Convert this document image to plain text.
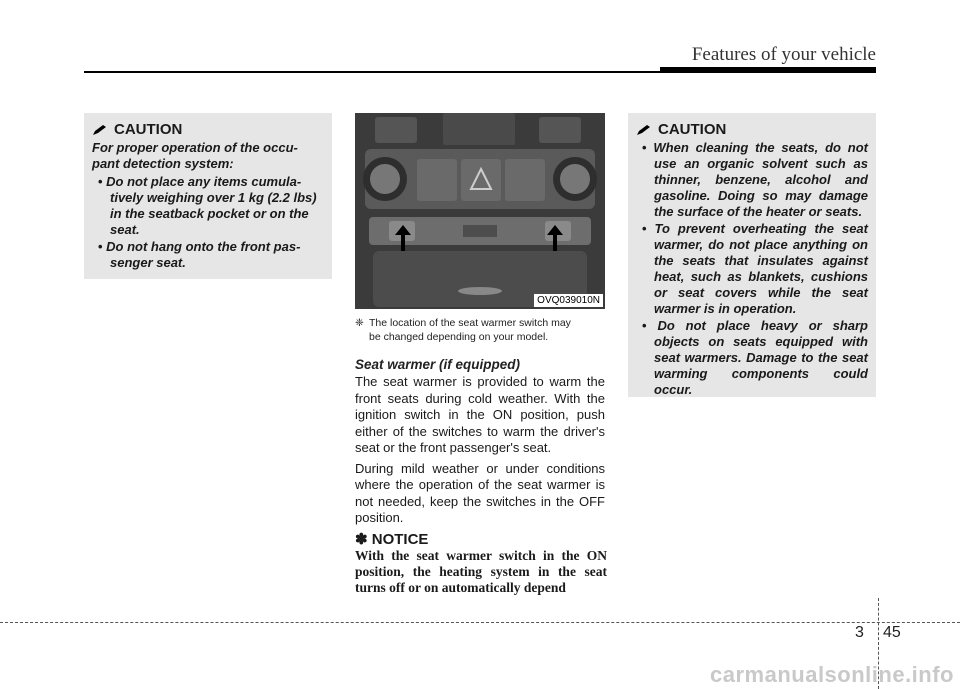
Features of your vehicle
CAUTION

For proper operation of the occu-pant detection system:

• Do not place any items cumula-tively weighing over 1 kg (2.2 lbs) in the seatback pocket or on the seat.
• Do not hang onto the front pas-senger seat.
OVQ039010N
❈ The location of the seat warmer switch may
be changed depending on your model.
Seat warmer (if equipped)

The seat warmer is provided to warm the front seats during cold weather. With the ignition switch in the ON position, push either of the switches to warm the driver's seat or the front passenger's seat.

During mild weather or under conditions where the operation of the seat warmer is not needed, keep the switches in the OFF position.

✽ NOTICE
With the seat warmer switch in the ON position, the heating system in the seat turns off or on automatically depend
CAUTION
• When cleaning the seats, do not use an organic solvent such as thinner, benzene, alcohol and gasoline. Doing so may damage the surface of the heater or seats.
• To prevent overheating the seat warmer, do not place anything on the seats that insulates against heat, such as blankets, cushions or seat covers while the seat warmer is in operation.
• Do not place heavy or sharp objects on seats equipped with seat warmers. Damage to the seat warming components could occur.
3 45
carmanualsonline.info
